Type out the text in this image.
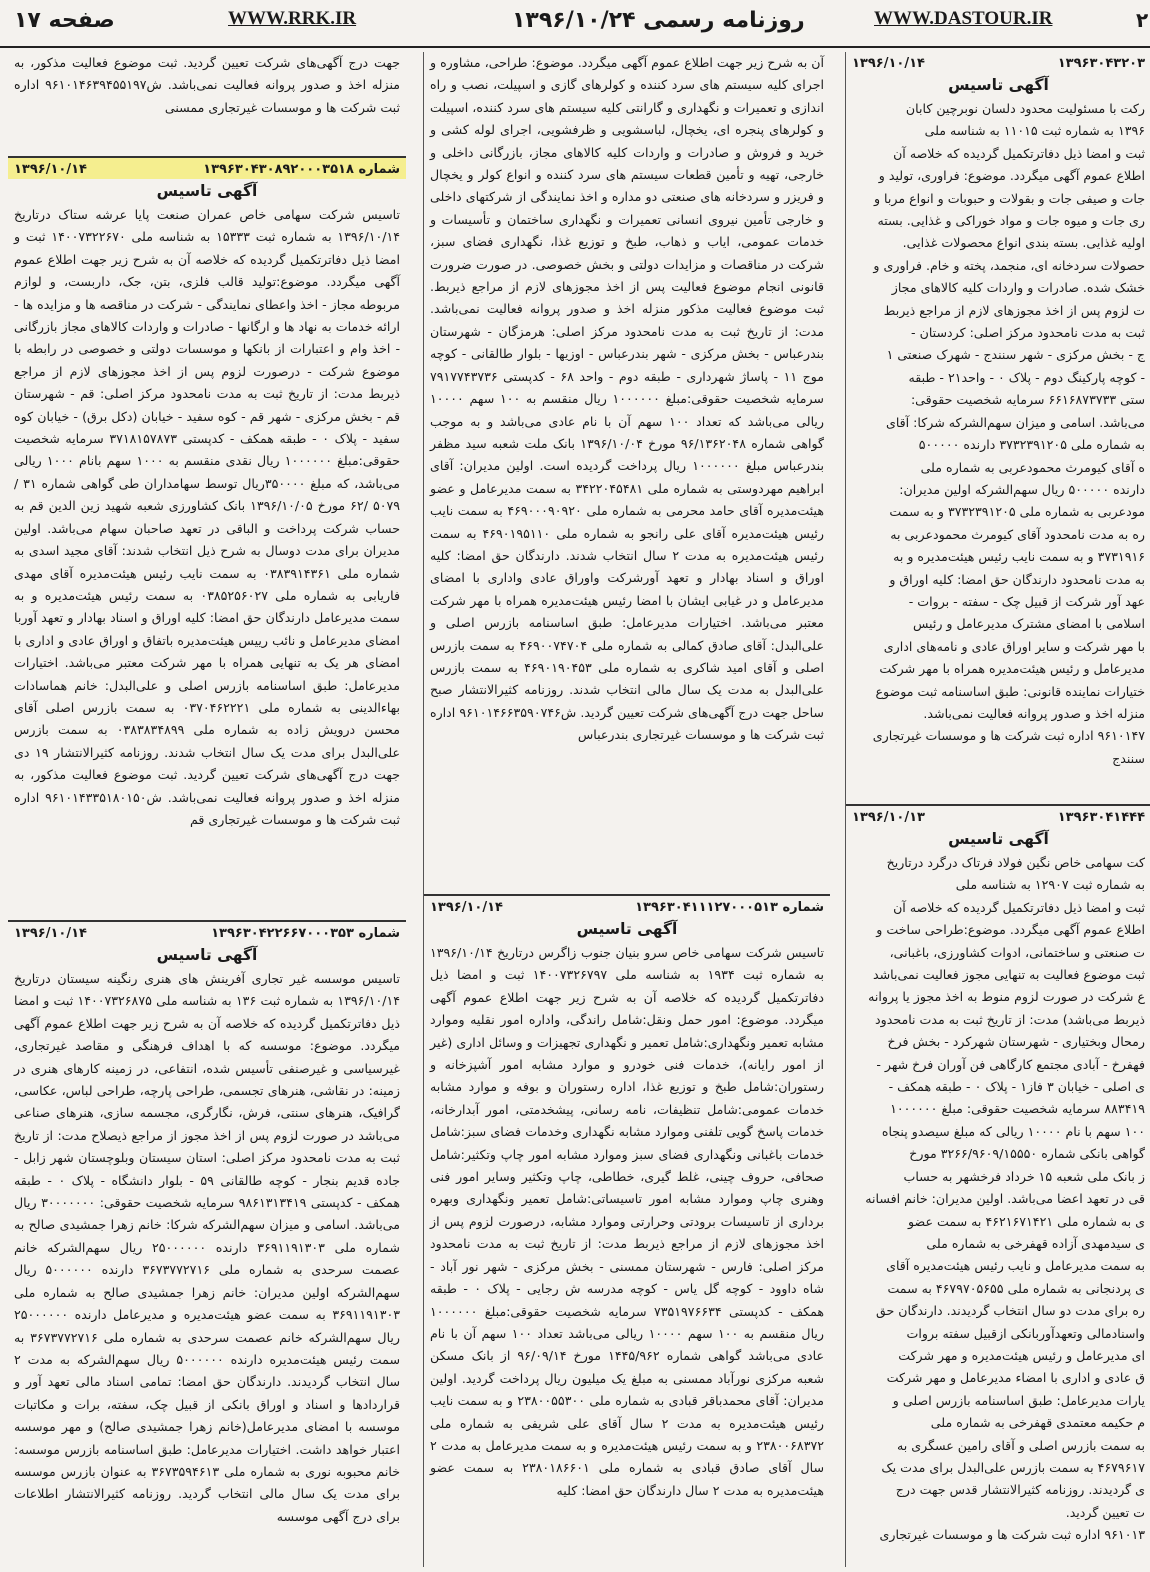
صفحه ۱۷	WWW.RRK.IR	روزنامه رسمی ۱۳۹۶/۱۰/۲۴	WWW.DASTOUR.IR	۲

جهت درج آگهی‌های شرکت تعیین گردید. ثبت موضوع فعالیت مذکور، به منزله اخذ و صدور پروانه فعالیت نمی‌باشد. ش۹۶۱۰۱۴۶۳۹۴۵۵۱۹۷ اداره ثبت شرکت ها و موسسات غیرتجاری ممسنی

۱۳۹۶/۱۰/۱۴	شماره ۱۳۹۶۳۰۴۳۰۸۹۲۰۰۰۳۵۱۸
آگهی تاسیس

تاسیس شرکت سهامی خاص عمران صنعت پایا عرشه ستاک درتاریخ ۱۳۹۶/۱۰/۱۴ به شماره ثبت ۱۵۳۳۳ به شناسه ملی ۱۴۰۰۷۳۲۲۶۷۰ ثبت و امضا ذیل دفاترتکمیل گردیده که خلاصه آن به شرح زیر جهت اطلاع عموم آگهی میگردد. موضوع:تولید قالب فلزی، بتن، جک، داربست، و لوازم مربوطه مجاز - اخذ واعطای نمایندگی - شرکت در مناقصه ها و مزایده ها - ارائه خدمات به نهاد ها و ارگانها - صادرات و واردات کالاهای مجاز بازرگانی - اخذ وام و اعتبارات از بانکها و موسسات دولتی و خصوصی در رابطه با موضوع شرکت - درصورت لزوم پس از اخذ مجوزهای لازم از مراجع ذیربط مدت: از تاریخ ثبت به مدت نامحدود مرکز اصلی: قم - شهرستان قم - بخش مرکزی - شهر قم - کوه سفید - خیابان (دکل برق) - خیابان کوه سفید - پلاک ۰ - طبقه همکف - کدپستی ۳۷۱۸۱۵۷۸۷۳ سرمایه شخصیت حقوقی:مبلغ ۱۰۰۰۰۰۰ ریال نقدی منقسم به ۱۰۰۰ سهم بانام ۱۰۰۰ ریالی می‌باشد، که مبلغ ۳۵۰۰۰۰ریال توسط سهامداران طی گواهی شماره ۳۱ /۵۰۷۹ /۶۲ مورخ ۱۳۹۶/۱۰/۰۵ بانک کشاورزی شعبه شهید زین الدین قم به حساب شرکت پرداخت و الباقی در تعهد صاحبان سهام می‌باشد. اولین مدیران برای مدت دوسال به شرح ذیل انتخاب شدند: آقای مجید اسدی به شماره ملی ۰۳۸۳۹۱۴۳۶۱ به سمت نایب رئیس هیئت‌مدیره آقای مهدی فاریابی به شماره ملی ۰۳۸۵۲۵۶۰۲۷ به سمت رئیس هیئت‌مدیره و به سمت مدیرعامل دارندگان حق امضا: کلیه اوراق و اسناد بهادار و تعهد آوربا امضای مدیرعامل و نائب رییس هیئت‌مدیره باتفاق و اوراق عادی و اداری با امضای هر یک به تنهایی همراه با مهر شرکت معتبر می‌باشد. اختیارات مدیرعامل: طبق اساسنامه بازرس اصلی و علی‌البدل: خانم هماسادات بهاءالدینی به شماره ملی ۰۳۷۰۴۶۲۲۲۱ به سمت بازرس اصلی آقای محسن درویش زاده به شماره ملی ۰۳۸۳۸۳۴۸۹۹ به سمت بازرس علی‌البدل برای مدت یک سال انتخاب شدند. روزنامه کثیرالانتشار ۱۹ دی جهت درج آگهی‌های شرکت تعیین گردید. ثبت موضوع فعالیت مذکور، به منزله اخذ و صدور پروانه فعالیت نمی‌باشد. ش۹۶۱۰۱۴۳۳۵۱۸۰۱۵۰ اداره ثبت شرکت ها و موسسات غیرتجاری قم

۱۳۹۶/۱۰/۱۴	شماره ۱۳۹۶۳۰۴۲۲۶۶۷۰۰۰۳۵۳
آگهی تاسیس

تاسیس موسسه غیر تجاری آفرینش های هنری رنگینه سیستان درتاریخ ۱۳۹۶/۱۰/۱۴ به شماره ثبت ۱۳۶ به شناسه ملی ۱۴۰۰۷۳۲۶۸۷۵ ثبت و امضا ذیل دفاترتکمیل گردیده که خلاصه آن به شرح زیر جهت اطلاع عموم آگهی میگردد. موضوع: موسسه که با اهداف فرهنگی و مقاصد غیرتجاری، غیرسیاسی و غیرصنفی تأسیس شده، انتفاعی، در زمینه کارهای هنری در زمینه: در نقاشی، هنرهای تجسمی، طراحی پارچه، طراحی لباس، عکاسی، گرافیک، هنرهای سنتی، فرش، نگارگری، مجسمه سازی، هنرهای صناعی می‌باشد در صورت لزوم پس از اخذ مجوز از مراجع ذیصلاح مدت: از تاریخ ثبت به مدت نامحدود مرکز اصلی: استان سیستان وبلوچستان شهر زابل - جاده قدیم بنجار - کوچه طالقانی ۵۹ - بلوار دانشگاه - پلاک ۰ - طبقه همکف - کدپستی ۹۸۶۱۳۱۳۴۱۹ سرمایه شخصیت حقوقی: ۳۰۰۰۰۰۰۰ ریال می‌باشد. اسامی و میزان سهم‌الشرکه شرکا: خانم زهرا جمشیدی صالح به شماره ملی ۳۶۹۱۱۹۱۳۰۳ دارنده ۲۵۰۰۰۰۰۰ ریال سهم‌الشرکه خانم عصمت سرحدی به شماره ملی ۳۶۷۳۷۷۲۷۱۶ دارنده ۵۰۰۰۰۰۰ ریال سهم‌الشرکه اولین مدیران: خانم زهرا جمشیدی صالح به شماره ملی ۳۶۹۱۱۹۱۳۰۳ به سمت عضو هیئت‌مدیره و مدیرعامل دارنده ۲۵۰۰۰۰۰۰ ریال سهم‌الشرکه خانم عصمت سرحدی به شماره ملی ۳۶۷۳۷۷۲۷۱۶ به سمت رئیس هیئت‌مدیره دارنده ۵۰۰۰۰۰۰ ریال سهم‌الشرکه به مدت ۲ سال انتخاب گردیدند. دارندگان حق امضا: تمامی اسناد مالی تعهد آور و قراردادها و اسناد و اوراق بانکی از قبیل چک، سفته، برات و مکاتبات موسسه با امضای مدیرعامل(خانم زهرا جمشیدی صالح) و مهر موسسه اعتبار خواهد داشت. اختیارات مدیرعامل: طبق اساسنامه بازرس موسسه: خانم محبوبه نوری به شماره ملی ۳۶۷۳۵۹۴۶۱۳ به عنوان بازرس موسسه برای مدت یک سال مالی انتخاب گردید. روزنامه کثیرالانتشار اطلاعات برای درج آگهی موسسه

آن به شرح زیر جهت اطلاع عموم آگهی میگردد. موضوع: طراحی، مشاوره و اجرای کلیه سیستم های سرد کننده و کولرهای گازی و اسپیلت، نصب و راه اندازی و تعمیرات و نگهداری و گارانتی کلیه سیستم های سرد کننده، اسپیلت و کولرهای پنجره ای، یخچال، لباسشویی و ظرفشویی، اجرای لوله کشی و خرید و فروش و صادرات و واردات کلیه کالاهای مجاز، بازرگانی داخلی و خارجی، تهیه و تأمین قطعات سیستم های سرد کننده و انواع کولر و یخچال و فریزر و سردخانه های صنعتی دو مداره و اخذ نمایندگی از شرکتهای داخلی و خارجی تأمین نیروی انسانی تعمیرات و نگهداری ساختمان و تأسیسات و خدمات عمومی، ایاب و ذهاب، طبخ و توزیع غذا، نگهداری فضای سبز، شرکت در مناقصات و مزایدات دولتی و بخش خصوصی. در صورت ضرورت قانونی انجام موضوع فعالیت پس از اخذ مجوزهای لازم از مراجع ذیربط. ثبت موضوع فعالیت مذکور منزله اخذ و صدور پروانه فعالیت نمی‌باشد. مدت: از تاریخ ثبت به مدت نامحدود مرکز اصلی: هرمزگان - شهرستان بندرعباس - بخش مرکزی - شهر بندرعباس - اوزیها - بلوار طالقانی - کوچه موج ۱۱ - پاساژ شهرداری - طبقه دوم - واحد ۶۸ - کدپستی ۷۹۱۷۷۴۳۷۳۶ سرمایه شخصیت حقوقی:مبلغ ۱۰۰۰۰۰۰ ریال منقسم به ۱۰۰ سهم ۱۰۰۰۰ ریالی می‌باشد که تعداد ۱۰۰ سهم آن با نام عادی می‌باشد و به موجب گواهی شماره ۹۶/۱۳۶۲۰۴۸ مورخ ۱۳۹۶/۱۰/۰۴ بانک ملت شعبه سید مظفر بندرعباس مبلغ ۱۰۰۰۰۰۰ ریال پرداخت گردیده است. اولین مدیران: آقای ابراهیم مهردوستی به شماره ملی ۳۴۲۲۰۴۵۴۸۱ به سمت مدیرعامل و عضو هیئت‌مدیره آقای حامد محرمی به شماره ملی ۴۶۹۰۰۰۹۰۹۲۰ به سمت نایب رئیس هیئت‌مدیره آقای علی رانجو به شماره ملی ۴۶۹۰۱۹۵۱۱۰ به سمت رئیس هیئت‌مدیره به مدت ۲ سال انتخاب شدند. دارندگان حق امضا: کلیه اوراق و اسناد بهادار و تعهد آورشرکت واوراق عادی واداری با امضای مدیرعامل و در غیابی ایشان با امضا رئیس هیئت‌مدیره همراه با مهر شرکت معتبر می‌باشد. اختیارات مدیرعامل: طبق اساسنامه بازرس اصلی و علی‌البدل: آقای صادق کمالی به شماره ملی ۴۶۹۰۰۷۴۷۰۴ به سمت بازرس اصلی و آقای امید شاکری به شماره ملی ۴۶۹۰۱۹۰۴۵۳ به سمت بازرس علی‌البدل به مدت یک سال مالی انتخاب شدند. روزنامه کثیرالانتشار صبح ساحل جهت درج آگهی‌های شرکت تعیین گردید. ش۹۶۱۰۱۴۶۶۳۵۹۰۷۴۶ اداره ثبت شرکت ها و موسسات غیرتجاری بندرعباس

۱۳۹۶/۱۰/۱۴	شماره ۱۳۹۶۳۰۴۱۱۱۲۷۰۰۰۵۱۳
آگهی تاسیس

تاسیس شرکت سهامی خاص سرو بنیان جنوب زاگرس درتاریخ ۱۳۹۶/۱۰/۱۴ به شماره ثبت ۱۹۳۴ به شناسه ملی ۱۴۰۰۷۳۲۶۷۹۷ ثبت و امضا ذیل دفاترتکمیل گردیده که خلاصه آن به شرح زیر جهت اطلاع عموم آگهی میگردد. موضوع: امور حمل ونقل:شامل راندگی، واداره امور نقلیه وموارد مشابه تعمیر ونگهداری:شامل تعمیر و نگهداری تجهیزات و وسائل اداری (غیر از امور رایانه)، خدمات فنی خودرو و موارد مشابه امور آشپزخانه و رستوران:شامل طبخ و توزیع غذا، اداره رستوران و بوفه و موارد مشابه خدمات عمومی:شامل تنظیفات، نامه رسانی، پیشخدمتی، امور آبدارخانه، خدمات پاسخ گویی تلفنی وموارد مشابه نگهداری وخدمات فضای سبز:شامل خدمات باغبانی ونگهداری فضای سبز وموارد مشابه امور چاپ وتکثیر:شامل صحافی، حروف چینی، غلط گیری، خطاطی، چاپ وتکثیر وسایر امور فنی وهنری چاپ وموارد مشابه امور تاسیساتی:شامل تعمیر ونگهداری وبهره برداری از تاسیسات برودتی وحرارتی وموارد مشابه، درصورت لزوم پس از اخذ مجوزهای لازم از مراجع ذیربط مدت: از تاریخ ثبت به مدت نامحدود مرکز اصلی: فارس - شهرستان ممسنی - بخش مرکزی - شهر نور آباد - شاه داوود - کوچه گل یاس - کوچه مدرسه ش رجایی - پلاک ۰ - طبقه همکف - کدپستی ۷۳۵۱۹۷۶۶۳۴ سرمایه شخصیت حقوقی:مبلغ ۱۰۰۰۰۰۰ ریال منقسم به ۱۰۰ سهم ۱۰۰۰۰ ریالی می‌باشد تعداد ۱۰۰ سهم آن با نام عادی می‌باشد گواهی شماره ۱۴۴۵/۹۶۲ مورخ ۹۶/۰۹/۱۴ از بانک مسکن شعبه مرکزی نورآباد ممسنی به مبلغ یک میلیون ریال پرداخت گردید. اولین مدیران: آقای محمدباقر قبادی به شماره ملی ۲۳۸۰۰۵۵۳۰۰ و به سمت نایب رئیس هیئت‌مدیره به مدت ۲ سال آقای علی شریفی به شماره ملی ۲۳۸۰۰۶۸۳۷۲ و به سمت رئیس هیئت‌مدیره و به سمت مدیرعامل به مدت ۲ سال آقای صادق قبادی به شماره ملی ۲۳۸۰۱۸۶۶۰۱ به سمت عضو هیئت‌مدیره به مدت ۲ سال دارندگان حق امضا: کلیه

۱۳۹۶/۱۰/۱۴	۱۳۹۶۳۰۴۳۲۰۳
آگهی تاسیس

رکت با مسئولیت محدود دلسان نوبرچین کابان

۱۳۹۶ به شماره ثبت ۱۱۰۱۵ به شناسه ملی

ثبت و امضا ذیل دفاترتکمیل گردیده که خلاصه آن

اطلاع عموم آگهی میگردد. موضوع: فراوری، تولید و

جات و صیفی جات و بقولات و حبوبات و انواع مربا و

ری جات و میوه جات و مواد خوراکی و غذایی. بسته

اولیه غذایی. بسته بندی انواع محصولات غذایی.

حصولات سردخانه ای، منجمد، پخته و خام. فراوری و

خشک شده. صادرات و واردات کلیه کالاهای مجاز

ت لزوم پس از اخذ مجوزهای لازم از مراجع ذیربط

ثبت به مدت نامحدود مرکز اصلی: کردستان -

ج - بخش مرکزی - شهر سنندج - شهرک صنعتی ۱

- کوچه پارکینگ دوم - پلاک ۰ - واحد۲۱ - طبقه

ستی ۶۶۱۶۸۷۳۷۳۳ سرمایه شخصیت حقوقی:

می‌باشد. اسامی و میزان سهم‌الشرکه شرکا: آقای

به شماره ملی ۳۷۳۲۳۹۱۲۰۵ دارنده ۵۰۰۰۰۰

ه آقای کیومرث محمودعربی به شماره ملی

دارنده ۵۰۰۰۰۰ ریال سهم‌الشرکه اولین مدیران:

مودعربی به شماره ملی ۳۷۳۲۳۹۱۲۰۵ و به سمت

ره به مدت نامحدود آقای کیومرث محمودعربی به

۳۷۳۱۹۱۶ و به سمت نایب رئیس هیئت‌مدیره و به

به مدت نامحدود دارندگان حق امضا: کلیه اوراق و

عهد آور شرکت از قبیل چک - سفته - بروات -

اسلامی با امضای مشترک مدیرعامل و رئیس

با مهر شرکت و سایر اوراق عادی و نامه‌های اداری

مدیرعامل و رئیس هیئت‌مدیره همراه با مهر شرکت

ختیارات نماینده قانونی: طبق اساسنامه ثبت موضوع

منزله اخذ و صدور پروانه فعالیت نمی‌باشد.

۹۶۱۰۱۴۷ اداره ثبت شرکت ها و موسسات غیرتجاری

سنندج

۱۳۹۶/۱۰/۱۳	۱۳۹۶۳۰۴۱۴۴۴
آگهی تاسیس

کت سهامی خاص نگین فولاد فرتاک درگرد درتاریخ

به شماره ثبت ۱۲۹۰۷ به شناسه ملی

ثبت و امضا ذیل دفاترتکمیل گردیده که خلاصه آن

اطلاع عموم آگهی میگردد. موضوع:طراحی ساخت و

ت صنعتی و ساختمانی، ادوات کشاورزی، باغبانی،

ثبت موضوع فعالیت به تنهایی مجوز فعالیت نمی‌باشد

ع شرکت در صورت لزوم منوط به اخذ مجوز یا پروانه

ذیربط می‌باشد) مدت: از تاریخ ثبت به مدت نامحدود

رمحال وبختیاری - شهرستان شهرکرد - بخش فرخ

فهفرخ - آبادی مجتمع کارگاهی فن آوران فرخ شهر -

ی اصلی - خیابان ۳ فاز۱ - پلاک ۰ - طبقه همکف -

۸۸۳۴۱۹ سرمایه شخصیت حقوقی: مبلغ ۱۰۰۰۰۰۰

۱۰۰ سهم با نام ۱۰۰۰۰ ریالی که مبلغ سیصدو پنجاه

گواهی بانکی شماره ۳۲۶۶/۹۶۰۹/۱۵۵۵۰ مورخ

ز بانک ملی شعبه ۱۵ خرداد فرخشهر به حساب

قی در تعهد اعضا می‌باشد. اولین مدیران: خانم افسانه

ی به شماره ملی ۴۶۲۱۶۷۱۴۲۱ به سمت عضو

ی سیدمهدی آزاده قهفرخی به شماره ملی

به سمت مدیرعامل و نایب رئیس هیئت‌مدیره آقای

ی پردنجانی به شماره ملی ۴۶۷۹۷۰۵۶۵۵ به سمت

ره برای مدت دو سال انتخاب گردیدند. دارندگان حق

واسنادمالی وتعهدآوربانکی ازقبیل سفته بروات

ای مدیرعامل و رئیس هیئت‌مدیره و مهر شرکت

ق عادی و اداری با امضاء مدیرعامل و مهر شرکت

یارات مدیرعامل: طبق اساسنامه بازرس اصلی و

م حکیمه معتمدی قهفرخی به شماره ملی

به سمت بازرس اصلی و آقای رامین عسگری به

۴۶۷۹۶۱۷ به سمت بازرس علی‌البدل برای مدت یک

ی گردیدند. روزنامه کثیرالانتشار قدس جهت درج

ت تعیین گردید.

۹۶۱۰۱۳ اداره ثبت شرکت ها و موسسات غیرتجاری
